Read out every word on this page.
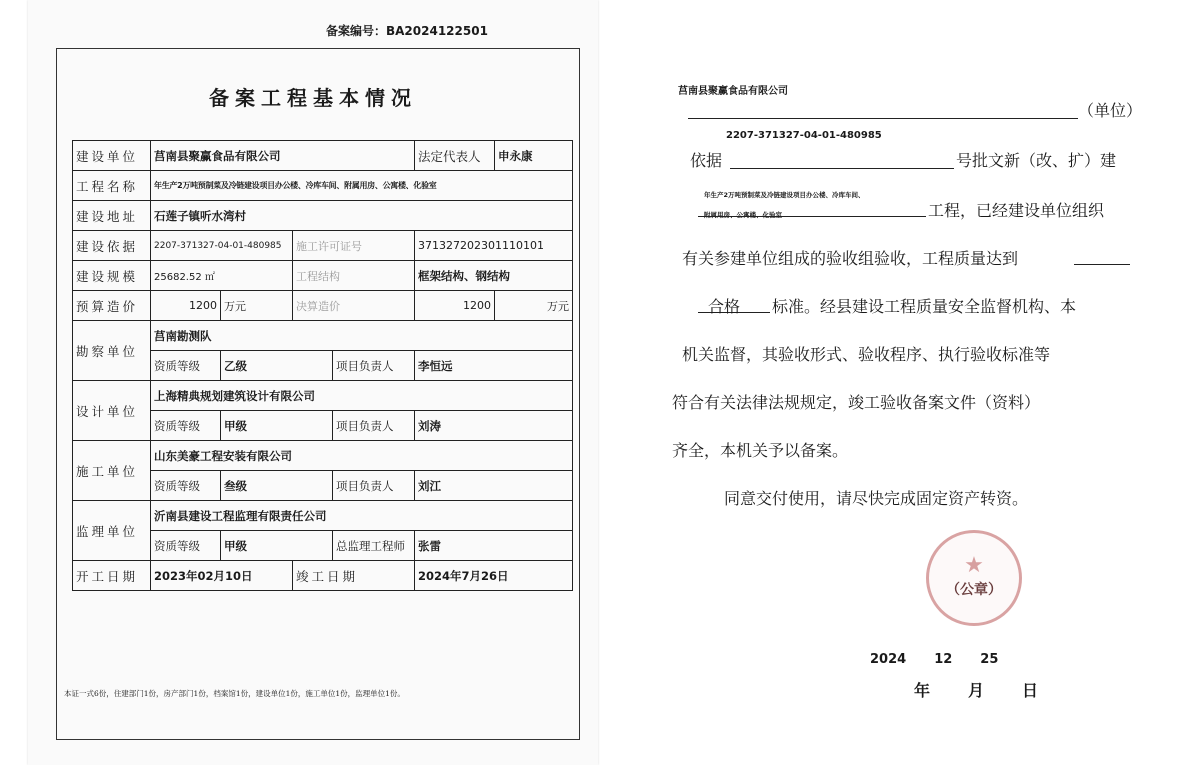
备案编号：BA2024122501
备案工程基本情况
建设单位	莒南县聚赢食品有限公司				法定代表人	申永康
工程名称	年生产2万吨预制菜及冷链建设项目办公楼、冷库车间、附属用房、公寓楼、化验室					
建设地址	石莲子镇听水湾村					
建设依据	2207-371327-04-01-480985		施工许可证号		371327202301110101	
建设规模	25682.52 ㎡		工程结构		框架结构、钢结构	
预算造价	1200	万元	决算造价		1200	万元
勘察单位	莒南勘测队					
	资质等级	乙级		项目负责人	李恒远	
设计单位	上海精典规划建筑设计有限公司					
	资质等级	甲级		项目负责人	刘涛	
施工单位	山东美豪工程安装有限公司					
	资质等级	叁级		项目负责人	刘江	
监理单位	沂南县建设工程监理有限责任公司					
	资质等级	甲级		总监理工程师	张雷	
开工日期	2023年02月10日		竣工日期		2024年7月26日	
本证一式6份，住建部门1份，房产部门1份，档案馆1份，建设单位1份，施工单位1份，监理单位1份。
莒南县聚赢食品有限公司
（单位）
2207-371327-04-01-480985
依据	号批文新（改、扩）建
年生产2万吨预制菜及冷链建设项目办公楼、冷库车间、
附属用房、公寓楼、化验室	工程，已经建设单位组织
有关参建单位组成的验收组验收，工程质量达到
合格 标准。经县建设工程质量安全监督机构、本
机关监督，其验收形式、验收程序、执行验收标准等
符合有关法律法规规定，竣工验收备案文件（资料）
齐全，本机关予以备案。
同意交付使用，请尽快完成固定资产转资。
★
（公章）
2024 12 25
年 月 日
